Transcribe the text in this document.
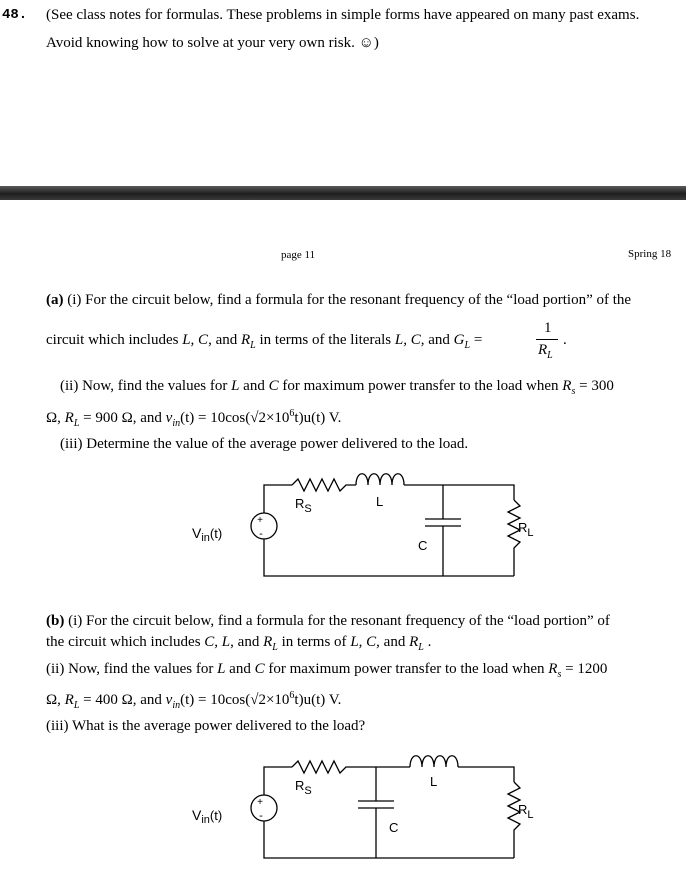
48. (See class notes for formulas. These problems in simple forms have appeared on many past exams.
Avoid knowing how to solve at your very own risk. ☺)
page 11	Spring 18
(a) (i) For the circuit below, find a formula for the resonant frequency of the “load portion” of the
circuit which includes L, C, and $R_L$ in terms of the literals L, C, and $G_L$ =
1
$R_L$
.
(ii) Now, find the values for L and C for maximum power transfer to the load when $R_s = 300$
Ω, $R_L = 900$ Ω, and $v_{in}(t) = 10\cos(√2\times 10^6t)u(t)$ V.
(iii) Determine the value of the average power delivered to the load.
+
-
$R_S$	L
C
$R_L$
$V_{in}(t)$
(b) (i) For the circuit below, find a formula for the resonant frequency of the “load portion” of
the circuit which includes C, L, and $R_L$ in terms of L, C, and $R_L$ .
(ii) Now, find the values for L and C for maximum power transfer to the load when $R_s = 1200$
Ω, $R_L = 400$ Ω, and $v_{in}(t) = 10\cos(√2\times 10^6t)u(t)$ V.
(iii) What is the average power delivered to the load?
+
-
$R_S$
L
C
$R_L$
$V_{in}(t)$
